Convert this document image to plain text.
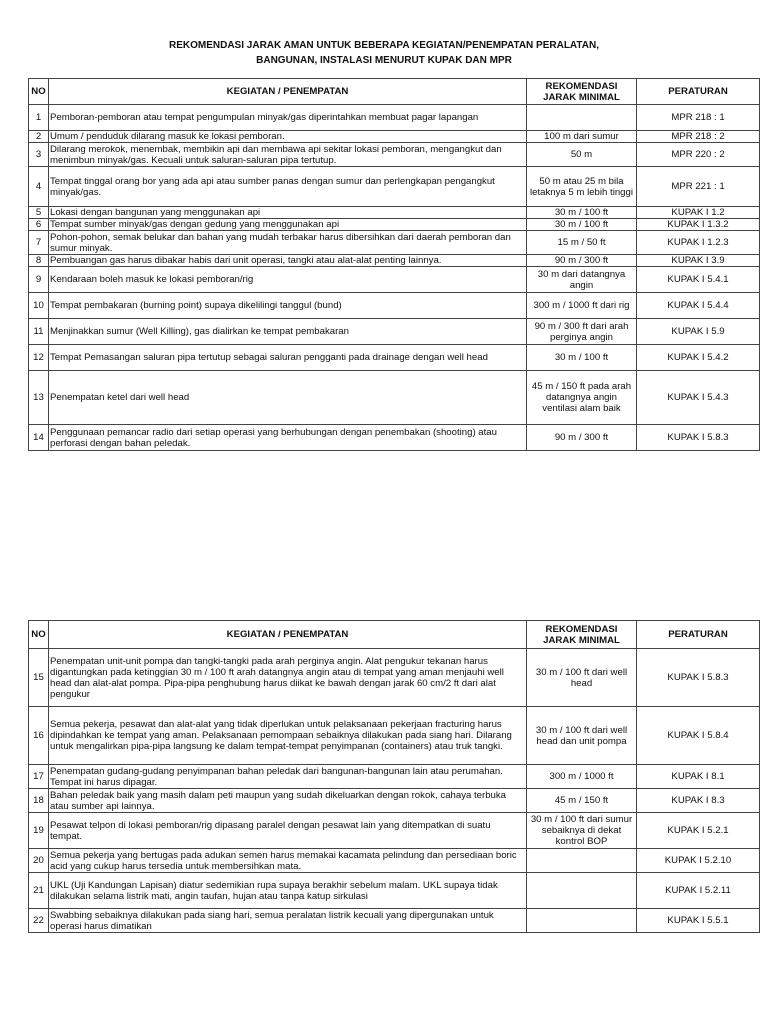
REKOMENDASI JARAK AMAN UNTUK BEBERAPA KEGIATAN/PENEMPATAN PERALATAN,
BANGUNAN, INSTALASI MENURUT KUPAK DAN MPR
NO	KEGIATAN / PENEMPATAN	REKOMENDASI JARAK MINIMAL	PERATURAN
1	Pemboran-pemboran atau tempat pengumpulan minyak/gas diperintahkan membuat pagar lapangan		MPR 218 : 1
2	Umum / penduduk dilarang masuk ke lokasi pemboran.	100 m dari sumur	MPR 218 : 2
3	Dilarang merokok, menembak, membikin api dan membawa api sekitar lokasi pemboran, mengangkut dan menimbun minyak/gas. Kecuali untuk saluran-saluran pipa tertutup.	50 m	MPR 220 : 2
4	Tempat tinggal orang bor yang ada api atau sumber panas dengan sumur dan perlengkapan pengangkut minyak/gas.	50 m atau 25 m bila letaknya 5 m lebih tinggi	MPR 221 : 1
5	Lokasi dengan bangunan yang menggunakan api	30 m / 100 ft	KUPAK I 1.2
6	Tempat sumber minyak/gas dengan gedung yang menggunakan api	30 m / 100 ft	KUPAK I 1.3.2
7	Pohon-pohon, semak belukar dan bahan yang mudah terbakar harus dibersihkan dari daerah pemboran dan sumur minyak.	15 m / 50 ft	KUPAK I 1.2.3
8	Pembuangan gas harus dibakar habis dari unit operasi, tangki atau alat-alat penting lainnya.	90 m / 300 ft	KUPAK I 3.9
9	Kendaraan boleh masuk ke lokasi pemboran/rig	30 m dari datangnya angin	KUPAK I 5.4.1
10	Tempat pembakaran (burning point) supaya dikelilingi tanggul (bund)	300 m / 1000 ft dari rig	KUPAK I 5.4.4
11	Menjinakkan sumur (Well Killing), gas dialirkan ke tempat pembakaran	90 m / 300 ft dari arah perginya angin	KUPAK I 5.9
12	Tempat Pemasangan saluran pipa tertutup sebagai saluran pengganti pada drainage dengan well head	30 m / 100 ft	KUPAK I 5.4.2
13	Penempatan ketel dari well head	45 m / 150 ft pada arah datangnya angin ventilasi alam baik	KUPAK I 5.4.3
14	Penggunaan pemancar radio dari setiap operasi yang berhubungan dengan penembakan (shooting) atau perforasi dengan bahan peledak.	90 m / 300 ft	KUPAK I 5.8.3
NO	KEGIATAN / PENEMPATAN	REKOMENDASI JARAK MINIMAL	PERATURAN
15	Penempatan unit-unit pompa dan tangki-tangki pada arah perginya angin. Alat pengukur tekanan harus digantungkan pada ketinggian 30 m / 100 ft arah datangnya angin atau di tempat yang aman menjauhi well head dan alat-alat pompa. Pipa-pipa penghubung harus diikat ke bawah dengan jarak 60 cm/2 ft dari alat pengukur	30 m / 100 ft dari well head	KUPAK I 5.8.3
16	Semua pekerja, pesawat dan alat-alat yang tidak diperlukan untuk pelaksanaan pekerjaan fracturing harus dipindahkan ke tempat yang aman. Pelaksanaan pemompaan sebaiknya dilakukan pada siang hari. Dilarang untuk mengalirkan pipa-pipa langsung ke dalam tempat-tempat penyimpanan (containers) atau truk tangki.	30 m / 100 ft dari well head dan unit pompa	KUPAK I 5.8.4
17	Penempatan gudang-gudang penyimpanan bahan peledak dari bangunan-bangunan lain atau perumahan. Tempat ini harus dipagar.	300 m / 1000 ft	KUPAK I 8.1
18	Bahan peledak baik yang masih dalam peti maupun yang sudah dikeluarkan dengan rokok, cahaya terbuka atau sumber api lainnya.	45 m / 150 ft	KUPAK I 8.3
19	Pesawat telpon di lokasi pemboran/rig dipasang paralel dengan pesawat lain yang ditempatkan di suatu tempat.	30 m / 100 ft dari sumur sebaiknya di dekat kontrol BOP	KUPAK I 5.2.1
20	Semua pekerja yang bertugas pada adukan semen harus memakai kacamata pelindung dan persediaan boric acid yang cukup harus tersedia untuk membersihkan mata.		KUPAK I 5.2.10
21	UKL (Uji Kandungan Lapisan) diatur sedemikian rupa supaya berakhir sebelum malam. UKL supaya tidak dilakukan selama listrik mati, angin taufan, hujan atau tanpa katup sirkulasi		KUPAK I 5.2.11
22	Swabbing sebaiknya dilakukan pada siang hari, semua peralatan listrik kecuali yang dipergunakan untuk operasi harus dimatikan		KUPAK I 5.5.1
